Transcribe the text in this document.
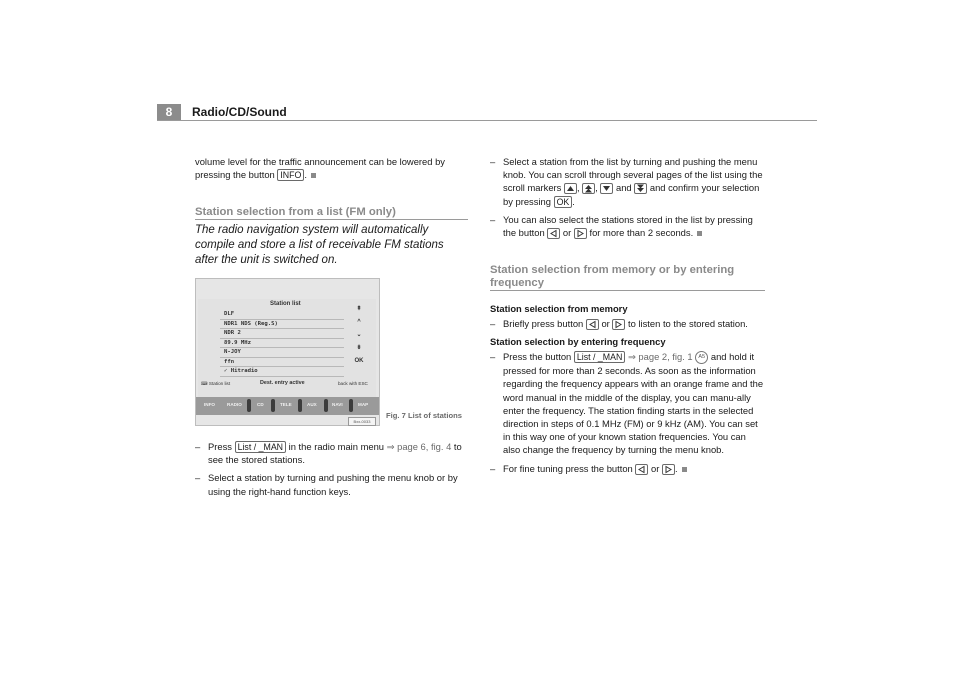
8	Radio/CD/Sound
volume level for the traffic announcement can be lowered by pressing the button INFO .
Station selection from a list (FM only)
The radio navigation system will automatically compile and store a list of receivable FM stations after the unit is switched on.
Station list
DLF
NDR1 NDS (Reg.S)
NDR 2
89.9 MHz
N-JOY
ffn
✓ Hitradio
⇞
^
⌄
⇟
OK
⌨ Station list	Dest. entry active	back with ESC
INFO	RADIO	CD	TELE	AUX	NAVI	MAP
Bxx-0033
Fig. 7 List of stations
– Press List / _MAN in the radio main menu ⇒ page 6, fig. 4 to see the stored stations.
– Select a station by turning and pushing the menu knob or by using the right-hand function keys.
– Select a station from the list by turning and pushing the menu knob. You can scroll through several pages of the list using the scroll markers ,
,
and and confirm your selection by pressing OK .
– You can also select the stations stored in the list by pressing the button or for more than 2 seconds.
Station selection from memory or by entering frequency
Station selection from memory
– Briefly press button or to listen to the stored station.
Station selection by entering frequency
– Press the button List / _MAN ⇒ page 2, fig. 1 A5 and hold it pressed for more than 2 seconds. As soon as the information regarding the frequency appears with an orange frame and the word manual in the middle of the display, you can manu-ally enter the frequency. The station finding starts in the selected direction in steps of 0.1 MHz (FM) or 9 kHz (AM). You can set in this way one of your known station frequencies. You can also change the frequency by turning the menu knob.
– For fine tuning press the button or .
